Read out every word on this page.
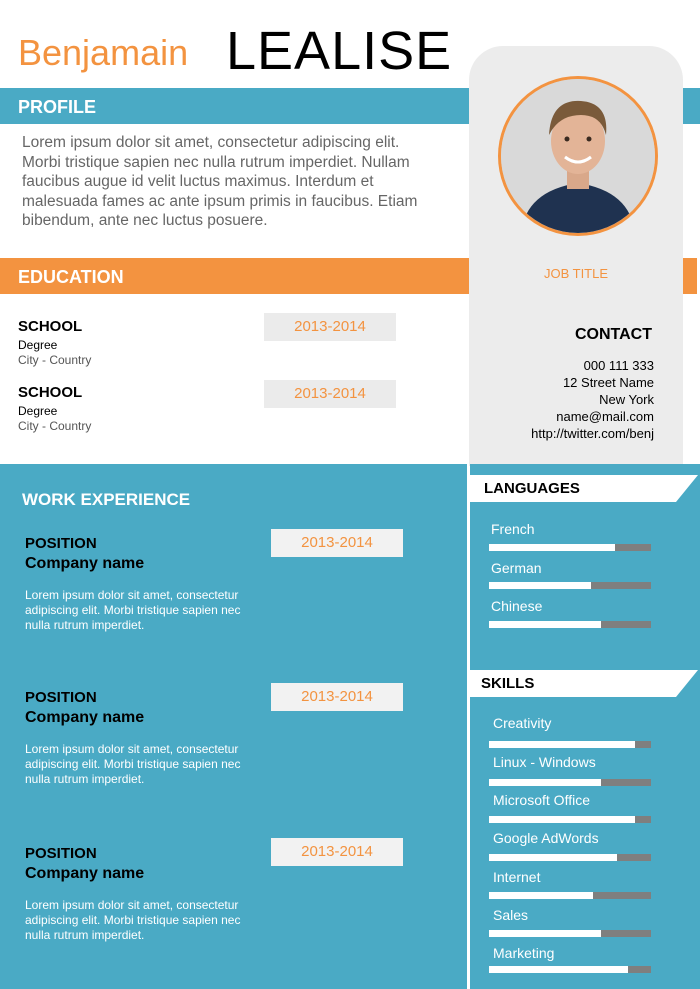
Benjamain LEALISE
PROFILE
Lorem ipsum dolor sit amet, consectetur adipiscing elit. Morbi tristique sapien nec nulla rutrum imperdiet. Nullam faucibus augue id velit luctus maximus. Interdum et malesuada fames ac ante ipsum primis in faucibus. Etiam bibendum, ante nec luctus posuere.
EDUCATION
SCHOOL
Degree
City - Country
2013-2014
SCHOOL
Degree
City - Country
2013-2014
JOB TITLE
CONTACT
000 111 333
12 Street Name
New York
name@mail.com
http://twitter.com/benj
WORK EXPERIENCE
POSITION
Company name
Lorem ipsum dolor sit amet, consectetur adipiscing elit. Morbi tristique sapien nec nulla rutrum imperdiet.
2013-2014
POSITION
Company name
Lorem ipsum dolor sit amet, consectetur adipiscing elit. Morbi tristique sapien nec nulla rutrum imperdiet.
2013-2014
POSITION
Company name
Lorem ipsum dolor sit amet, consectetur adipiscing elit. Morbi tristique sapien nec nulla rutrum imperdiet.
2013-2014
LANGUAGES
French
German
Chinese
SKILLS
Creativity
Linux - Windows
Microsoft Office
Google AdWords
Internet
Sales
Marketing
